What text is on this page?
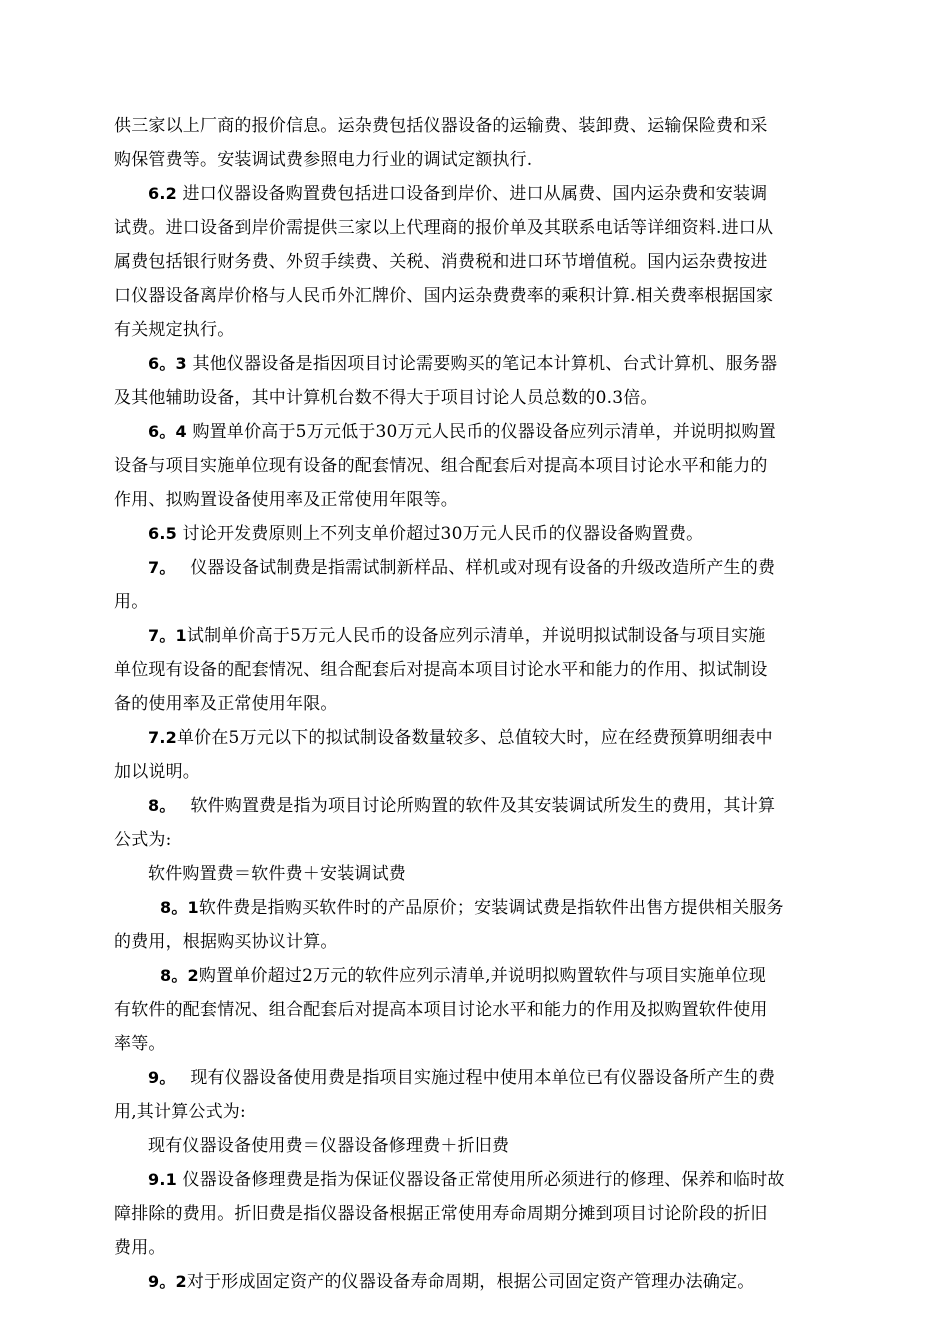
供三家以上厂商的报价信息。运杂费包括仪器设备的运输费、装卸费、运输保险费和采
购保管费等。安装调试费参照电力行业的调试定额执行.
6.2 进口仪器设备购置费包括进口设备到岸价、进口从属费、国内运杂费和安装调
试费。进口设备到岸价需提供三家以上代理商的报价单及其联系电话等详细资料.进口从
属费包括银行财务费、外贸手续费、关税、消费税和进口环节增值税。国内运杂费按进
口仪器设备离岸价格与人民币外汇牌价、国内运杂费费率的乘积计算.相关费率根据国家
有关规定执行。
6。3 其他仪器设备是指因项目讨论需要购买的笔记本计算机、台式计算机、服务器
及其他辅助设备，其中计算机台数不得大于项目讨论人员总数的0.3倍。
6。4 购置单价高于5万元低于30万元人民币的仪器设备应列示清单，并说明拟购置
设备与项目实施单位现有设备的配套情况、组合配套后对提高本项目讨论水平和能力的
作用、拟购置设备使用率及正常使用年限等。
6.5 讨论开发费原则上不列支单价超过30万元人民币的仪器设备购置费。
7。　 仪器设备试制费是指需试制新样品、样机或对现有设备的升级改造所产生的费
用。
7。1试制单价高于5万元人民币的设备应列示清单，并说明拟试制设备与项目实施
单位现有设备的配套情况、组合配套后对提高本项目讨论水平和能力的作用、拟试制设
备的使用率及正常使用年限。
7.2单价在5万元以下的拟试制设备数量较多、总值较大时，应在经费预算明细表中
加以说明。
8。　 软件购置费是指为项目讨论所购置的软件及其安装调试所发生的费用，其计算
公式为:
软件购置费＝软件费＋安装调试费
8。1软件费是指购买软件时的产品原价；安装调试费是指软件出售方提供相关服务
的费用，根据购买协议计算。
8。2购置单价超过2万元的软件应列示清单,并说明拟购置软件与项目实施单位现
有软件的配套情况、组合配套后对提高本项目讨论水平和能力的作用及拟购置软件使用
率等。
9。　 现有仪器设备使用费是指项目实施过程中使用本单位已有仪器设备所产生的费
用,其计算公式为:
现有仪器设备使用费＝仪器设备修理费＋折旧费
9.1 仪器设备修理费是指为保证仪器设备正常使用所必须进行的修理、保养和临时故
障排除的费用。折旧费是指仪器设备根据正常使用寿命周期分摊到项目讨论阶段的折旧
费用。
9。2对于形成固定资产的仪器设备寿命周期，根据公司固定资产管理办法确定。
